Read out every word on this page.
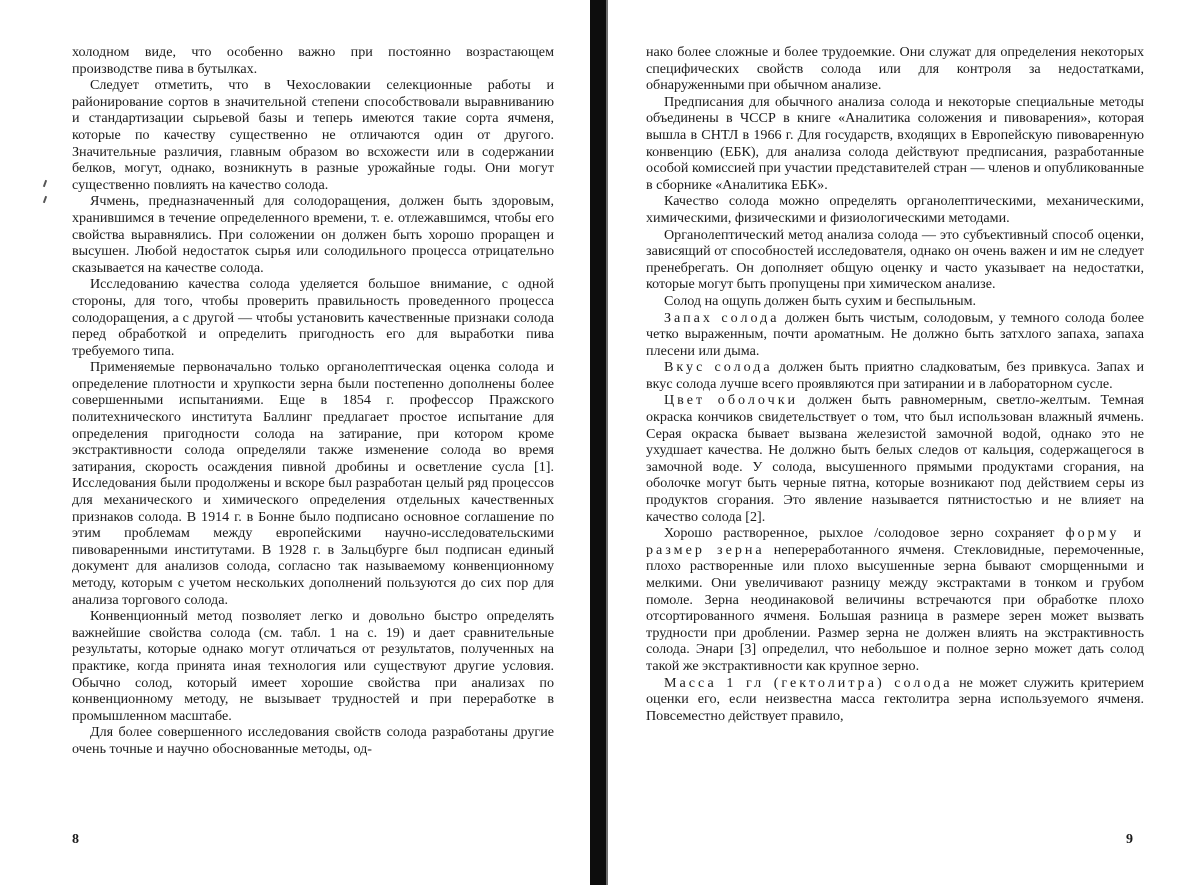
холодном виде, что особенно важно при постоянно возрастающем производстве пива в бутылках.

Следует отметить, что в Чехословакии селекционные работы и районирование сортов в значительной степени способствовали выравниванию и стандартизации сырьевой базы и теперь имеются такие сорта ячменя, которые по качеству существенно не отличаются один от другого. Значительные различия, главным образом во всхожести или в содержании белков, могут, однако, возникнуть в разные урожайные годы. Они могут существенно повлиять на качество солода.

Ячмень, предназначенный для солодоращения, должен быть здоровым, хранившимся в течение определенного времени, т. е. отлежавшимся, чтобы его свойства выравнялись. При соложении он должен быть хорошо проращен и высушен. Любой недостаток сырья или солодильного процесса отрицательно сказывается на качестве солода.

Исследованию качества солода уделяется большое внимание, с одной стороны, для того, чтобы проверить правильность проведенного процесса солодоращения, а с другой — чтобы установить качественные признаки солода перед обработкой и определить пригодность его для выработки пива требуемого типа.

Применяемые первоначально только органолептическая оценка солода и определение плотности и хрупкости зерна были постепенно дополнены более совершенными испытаниями. Еще в 1854 г. профессор Пражского политехнического института Баллинг предлагает простое испытание для определения пригодности солода на затирание, при котором кроме экстрактивности солода определяли также изменение солода во время затирания, скорость осаждения пивной дробины и осветление сусла [1]. Исследования были продолжены и вскоре был разработан целый ряд процессов для механического и химического определения отдельных качественных признаков солода. В 1914 г. в Бонне было подписано основное соглашение по этим проблемам между европейскими научно-исследовательскими пивоваренными институтами. В 1928 г. в Зальцбурге был подписан единый документ для анализов солода, согласно так называемому конвенционному методу, которым с учетом нескольких дополнений пользуются до сих пор для анализа торгового солода.

Конвенционный метод позволяет легко и довольно быстро определять важнейшие свойства солода (см. табл. 1 на с. 19) и дает сравнительные результаты, которые однако могут отличаться от результатов, полученных на практике, когда принята иная технология или существуют другие условия. Обычно солод, который имеет хорошие свойства при анализах по конвенционному методу, не вызывает трудностей и при переработке в промышленном масштабе.

Для более совершенного исследования свойств солода разработаны другие очень точные и научно обоснованные методы, од-

8

нако более сложные и более трудоемкие. Они служат для определения некоторых специфических свойств солода или для контроля за недостатками, обнаруженными при обычном анализе.

Предписания для обычного анализа солода и некоторые специальные методы объединены в ЧССР в книге «Аналитика соложения и пивоварения», которая вышла в СНТЛ в 1966 г. Для государств, входящих в Европейскую пивоваренную конвенцию (ЕБК), для анализа солода действуют предписания, разработанные особой комиссией при участии представителей стран — членов и опубликованные в сборнике «Аналитика ЕБК».

Качество солода можно определять органолептическими, механическими, химическими, физическими и физиологическими методами.

Органолептический метод анализа солода — это субъективный способ оценки, зависящий от способностей исследователя, однако он очень важен и им не следует пренебрегать. Он дополняет общую оценку и часто указывает на недостатки, которые могут быть пропущены при химическом анализе.

Солод на ощупь должен быть сухим и беспыльным.

Запах солода должен быть чистым, солодовым, у темного солода более четко выраженным, почти ароматным. Не должно быть затхлого запаха, запаха плесени или дыма.

Вкус солода должен быть приятно сладковатым, без привкуса. Запах и вкус солода лучше всего проявляются при затирании и в лабораторном сусле.

Цвет оболочки должен быть равномерным, светло-желтым. Темная окраска кончиков свидетельствует о том, что был использован влажный ячмень. Серая окраска бывает вызвана железистой замочной водой, однако это не ухудшает качества. Не должно быть белых следов от кальция, содержащегося в замочной воде. У солода, высушенного прямыми продуктами сгорания, на оболочке могут быть черные пятна, которые возникают под действием серы из продуктов сгорания. Это явление называется пятнистостью и не влияет на качество солода [2].

Хорошо растворенное, рыхлое /солодовое зерно сохраняет форму и размер зерна непереработанного ячменя. Стекловидные, перемоченные, плохо растворенные или плохо высушенные зерна бывают сморщенными и мелкими. Они увеличивают разницу между экстрактами в тонком и грубом помоле. Зерна неодинаковой величины встречаются при обработке плохо отсортированного ячменя. Большая разница в размере зерен может вызвать трудности при дроблении. Размер зерна не должен влиять на экстрактивность солода. Энари [3] определил, что небольшое и полное зерно может дать солод такой же экстрактивности как крупное зерно.

Масса 1 гл (гектолитра) солода не может служить критерием оценки его, если неизвестна масса гектолитра зерна используемого ячменя. Повсеместно действует правило,

9
